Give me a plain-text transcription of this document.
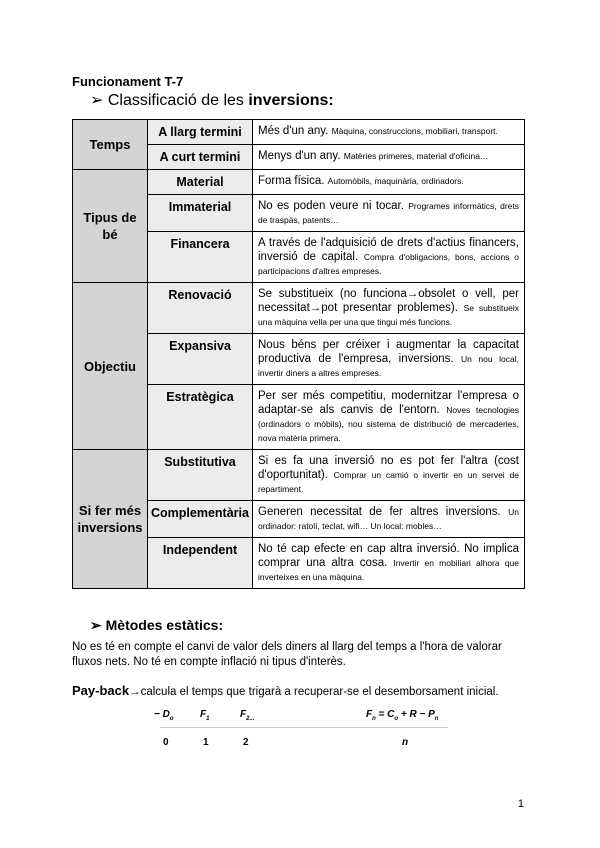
Funcionament T-7
➢ Classificació de les inversions:
Temps	A llarg termini	Més d'un any. Màquina, construccions, mobiliari, transport.
	A curt termini	Menys d'un any. Matèries primeres, material d'oficina…
Tipus de bé	Material	Forma física. Automòbils, maquinària, ordinadors.
	Immaterial	No es poden veure ni tocar. Programes informàtics, drets de traspàs, patents…
	Financera	A través de l'adquisició de drets d'actius financers, inversió de capital. Compra d'obligacions, bons, accions o participacions d'altres empreses.
Objectiu	Renovació	Se substitueix (no funciona→obsolet o vell, per necessitat→pot presentar problemes). Se substitueix una màquina vella per una que tingui més funcions.
	Expansiva	Nous béns per créixer i augmentar la capacitat productiva de l'empresa, inversions. Un nou local, invertir diners a altres empreses.
	Estratègica	Per ser més competitiu, modernitzar l'empresa o adaptar-se als canvis de l'entorn. Noves tecnologies (ordinadors o mòbils), nou sistema de distribució de mercaderies, nova matèria primera.
Si fer més inversions	Substitutiva	Si es fa una inversió no es pot fer l'altra (cost d'oportunitat). Comprar un camió o invertir en un servei de repartiment.
	Complementària	Generen necessitat de fer altres inversions. Un ordinador: ratolí, teclat, wifi… Un local: mobles…
	Independent	No té cap efecte en cap altra inversió. No implica comprar una altra cosa. Invertir en mobiliari alhora que inverteixes en una màquina.
➢ Mètodes estàtics:
No es té en compte el canvi de valor dels diners al llarg del temps a l'hora de valorar fluxos nets. No té en compte inflació ni tipus d'interès.
Pay-back→calcula el temps que trigarà a recuperar-se el desemborsament inicial.
− $D_o$	$F_1$	$F_{2...}$	$F_n = C_o + R - P_n$
0	1	2	n
1
